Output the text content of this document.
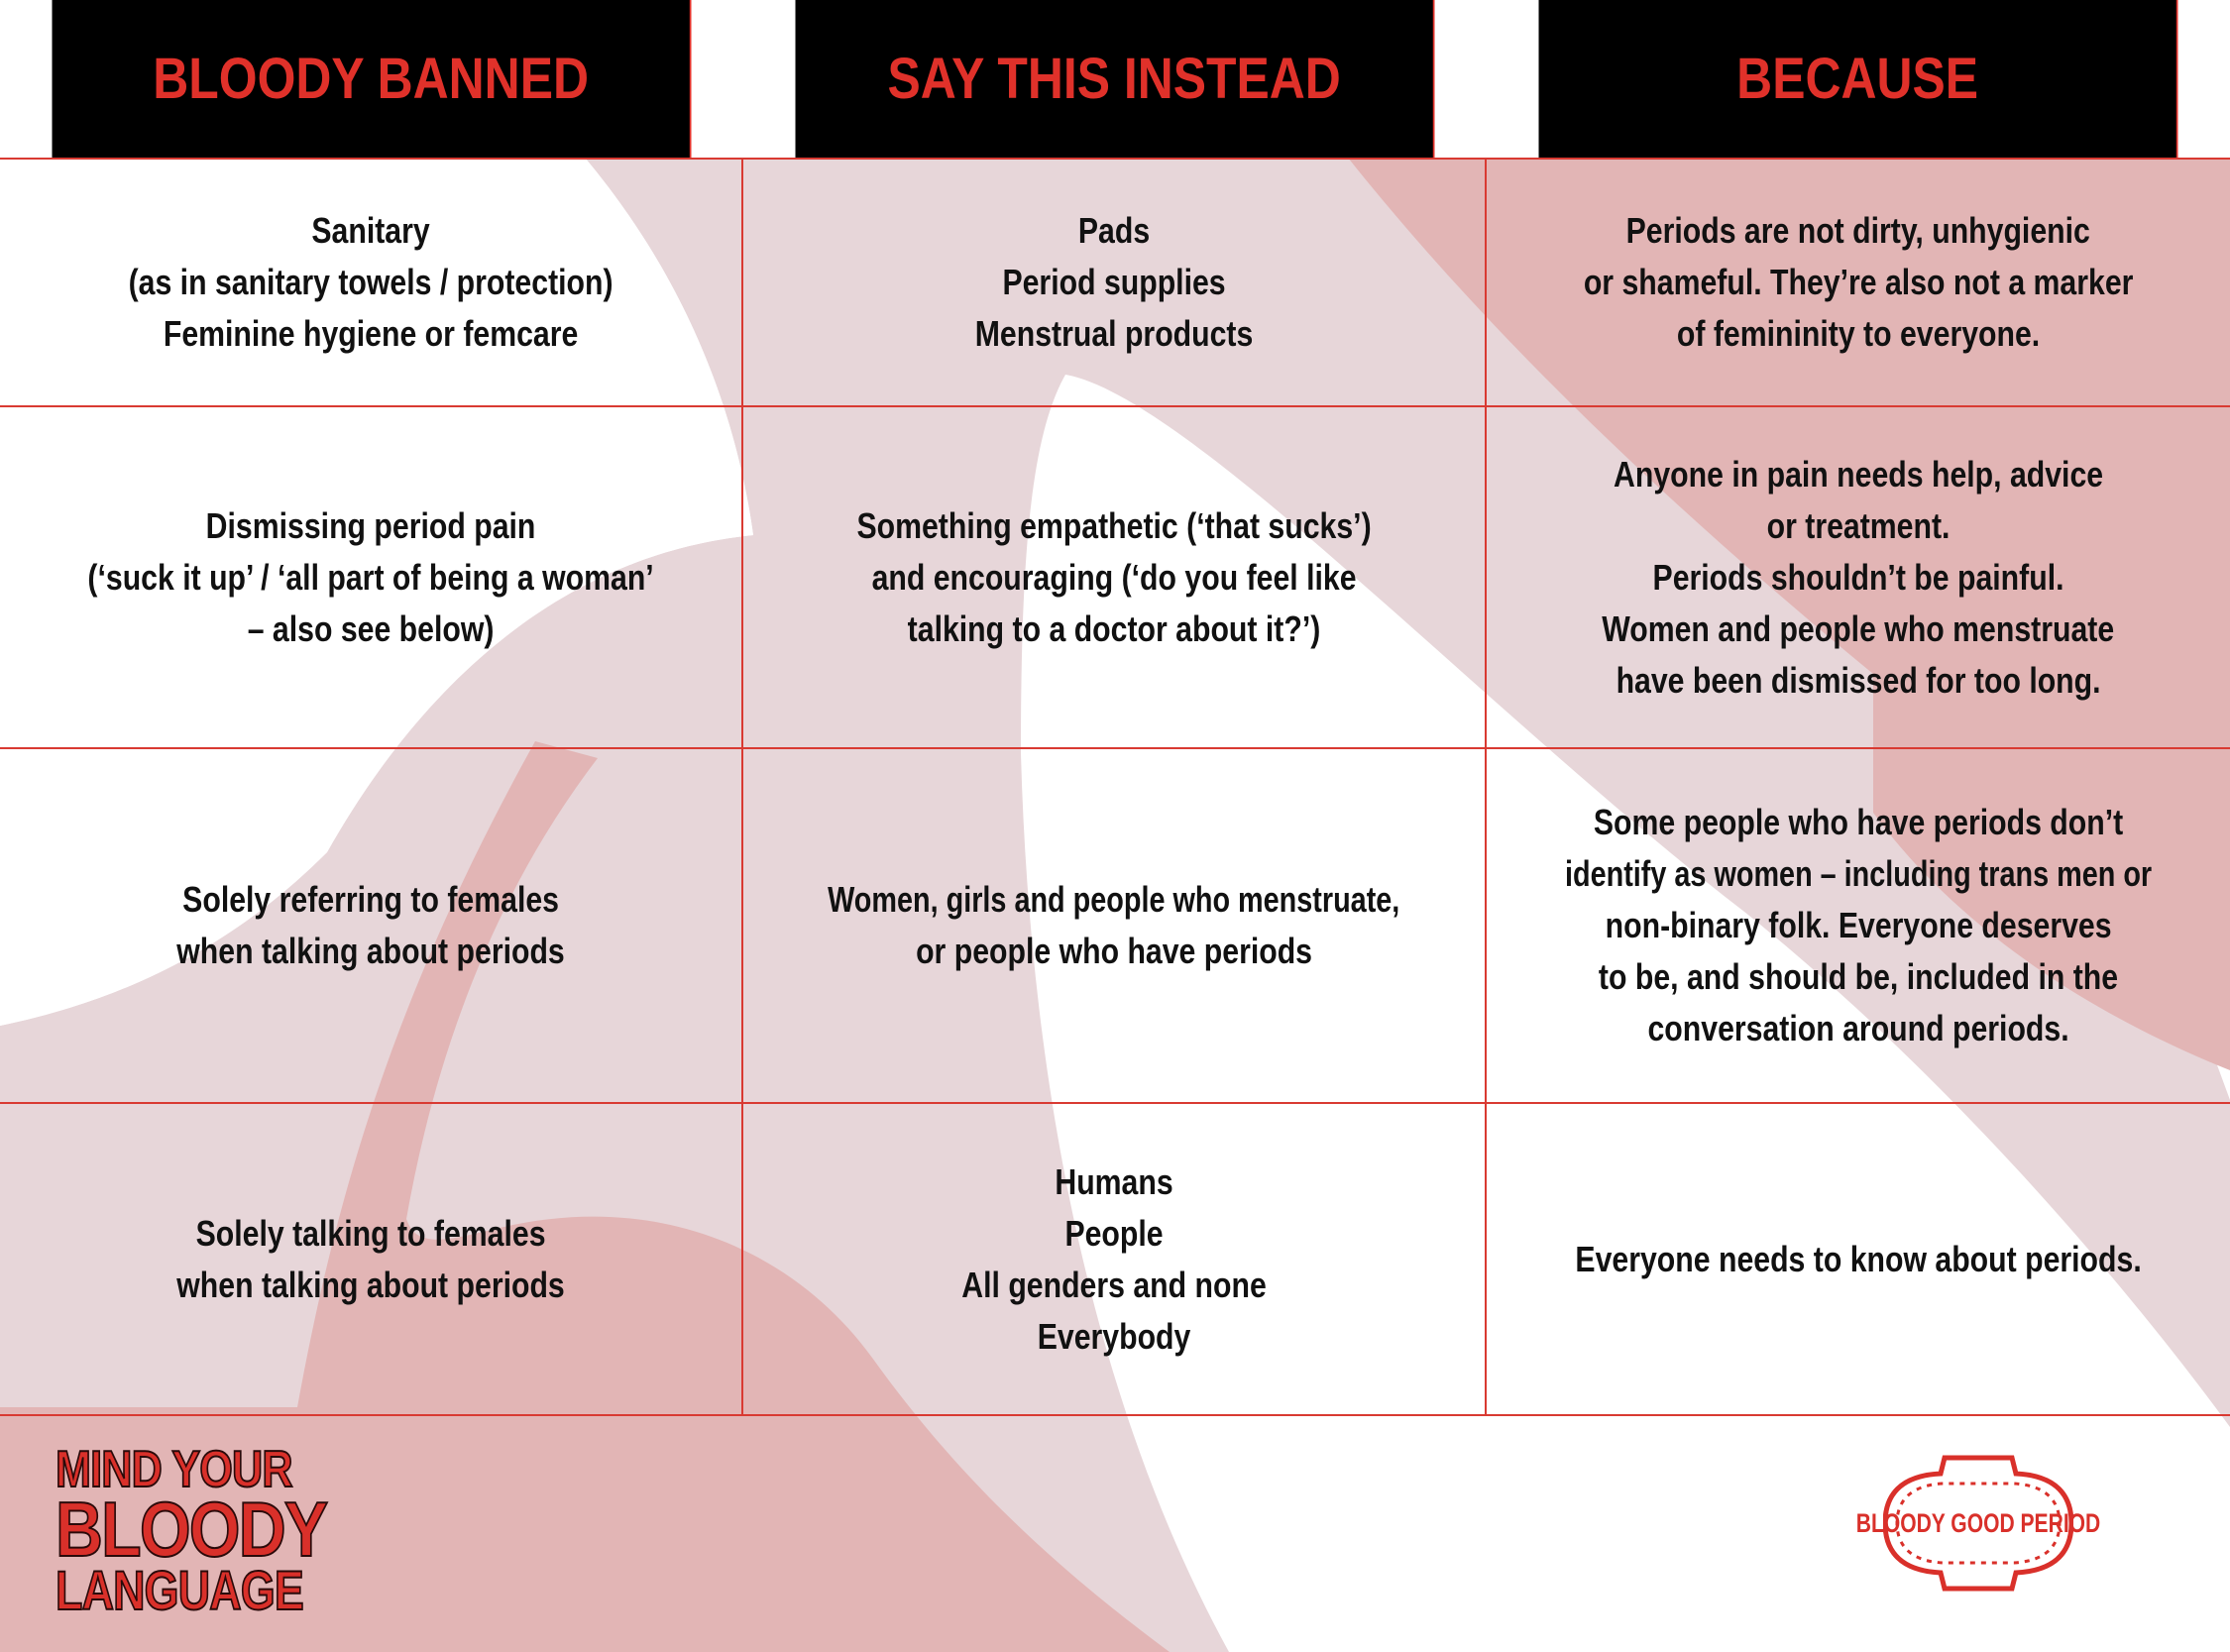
BLOODY BANNED	SAY THIS INSTEAD	BECAUSE
Sanitary
(as in sanitary towels / protection)
Feminine hygiene or femcare
Pads
Period supplies
Menstrual products
Periods are not dirty, unhygienic
or shameful. They’re also not a marker
of femininity to everyone.
Dismissing period pain
(‘suck it up’ / ‘all part of being a woman’
– also see below)
Something empathetic (‘that sucks’)
and encouraging (‘do you feel like
talking to a doctor about it?’)
Anyone in pain needs help, advice
or treatment.
Periods shouldn’t be painful.
Women and people who menstruate
have been dismissed for too long.
Solely referring to females
when talking about periods
Women, girls and people who menstruate,
or people who have periods
Some people who have periods don’t
identify as women – including trans men or
non-binary folk. Everyone deserves
to be, and should be, included in the
conversation around periods.
Solely talking to females
when talking about periods
Humans
People
All genders and none
Everybody
Everyone needs to know about periods.
MIND YOUR
BLOODY
LANGUAGE
BLOODY GOOD PERIOD
